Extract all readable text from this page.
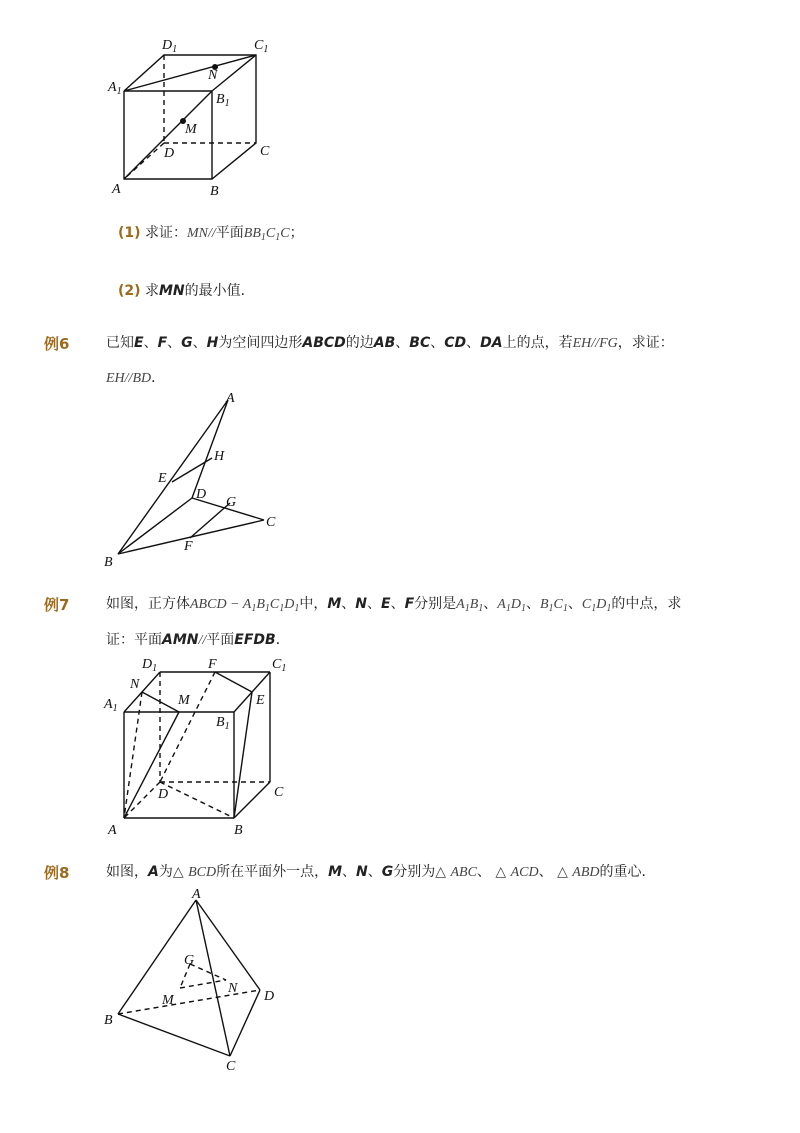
$A_1$
$D_1$	$C_1$
$B_1$
N
M
D	C
A	B
(1) 求证：MN//平面$BB_1C_1C$；
(2) 求MN的最小值．
例6	已知E、F、G、H为空间四边形ABCD的边AB、BC、CD、DA上的点，若EH//FG，求证：
EH//BD．
A
H
E
D
G
C
F
B
例7	如图，正方体ABCD − $A_1B_1C_1D_1$中，M、N、E、F分别是$A_1B_1$、$A_1D_1$、$B_1C_1$、$C_1D_1$的中点，求
证：平面AMN//平面EFDB．
$A_1$
N
$D_1$	F	$C_1$
M	E
$B_1$
D	C
A	B
例8	如图，A为△ BCD所在平面外一点，M、N、G分别为△ ABC、 △ ACD、 △ ABD的重心．
A
G
N
M	D
B
C
